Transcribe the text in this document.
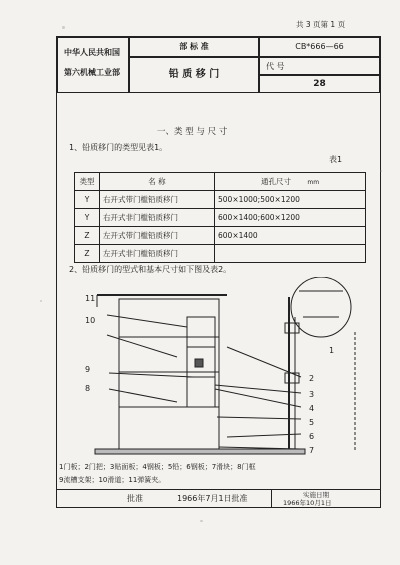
共 3 页第 1 页
中华人民共和国
第六机械工业部
部 标 准
铅 质 移 门
CB*666—66
代 号
28
一、类 型 与 尺 寸
1、铅质移门的类型见表1。
表1
类型	名 称	通孔尺寸 mm
Y	右开式带门槛铅质移门	500×1000;500×1200
Y	右开式非门槛铅质移门	600×1400;600×1200
Z	左开式带门槛铅质移门	600×1400
Z	左开式非门槛铅质移门	
2、铅质移门的型式和基本尺寸如下图及表2。
11
10
9
8
1
2
3
4
5
6
7
1门板；2门把；3贴面板；4钢板；5铅；6钢板；7滑块；8门框
9流槽支架；10滑道；11弹簧夹。
批准	1966年7月1日批准	实施日期
1966年10月1日
